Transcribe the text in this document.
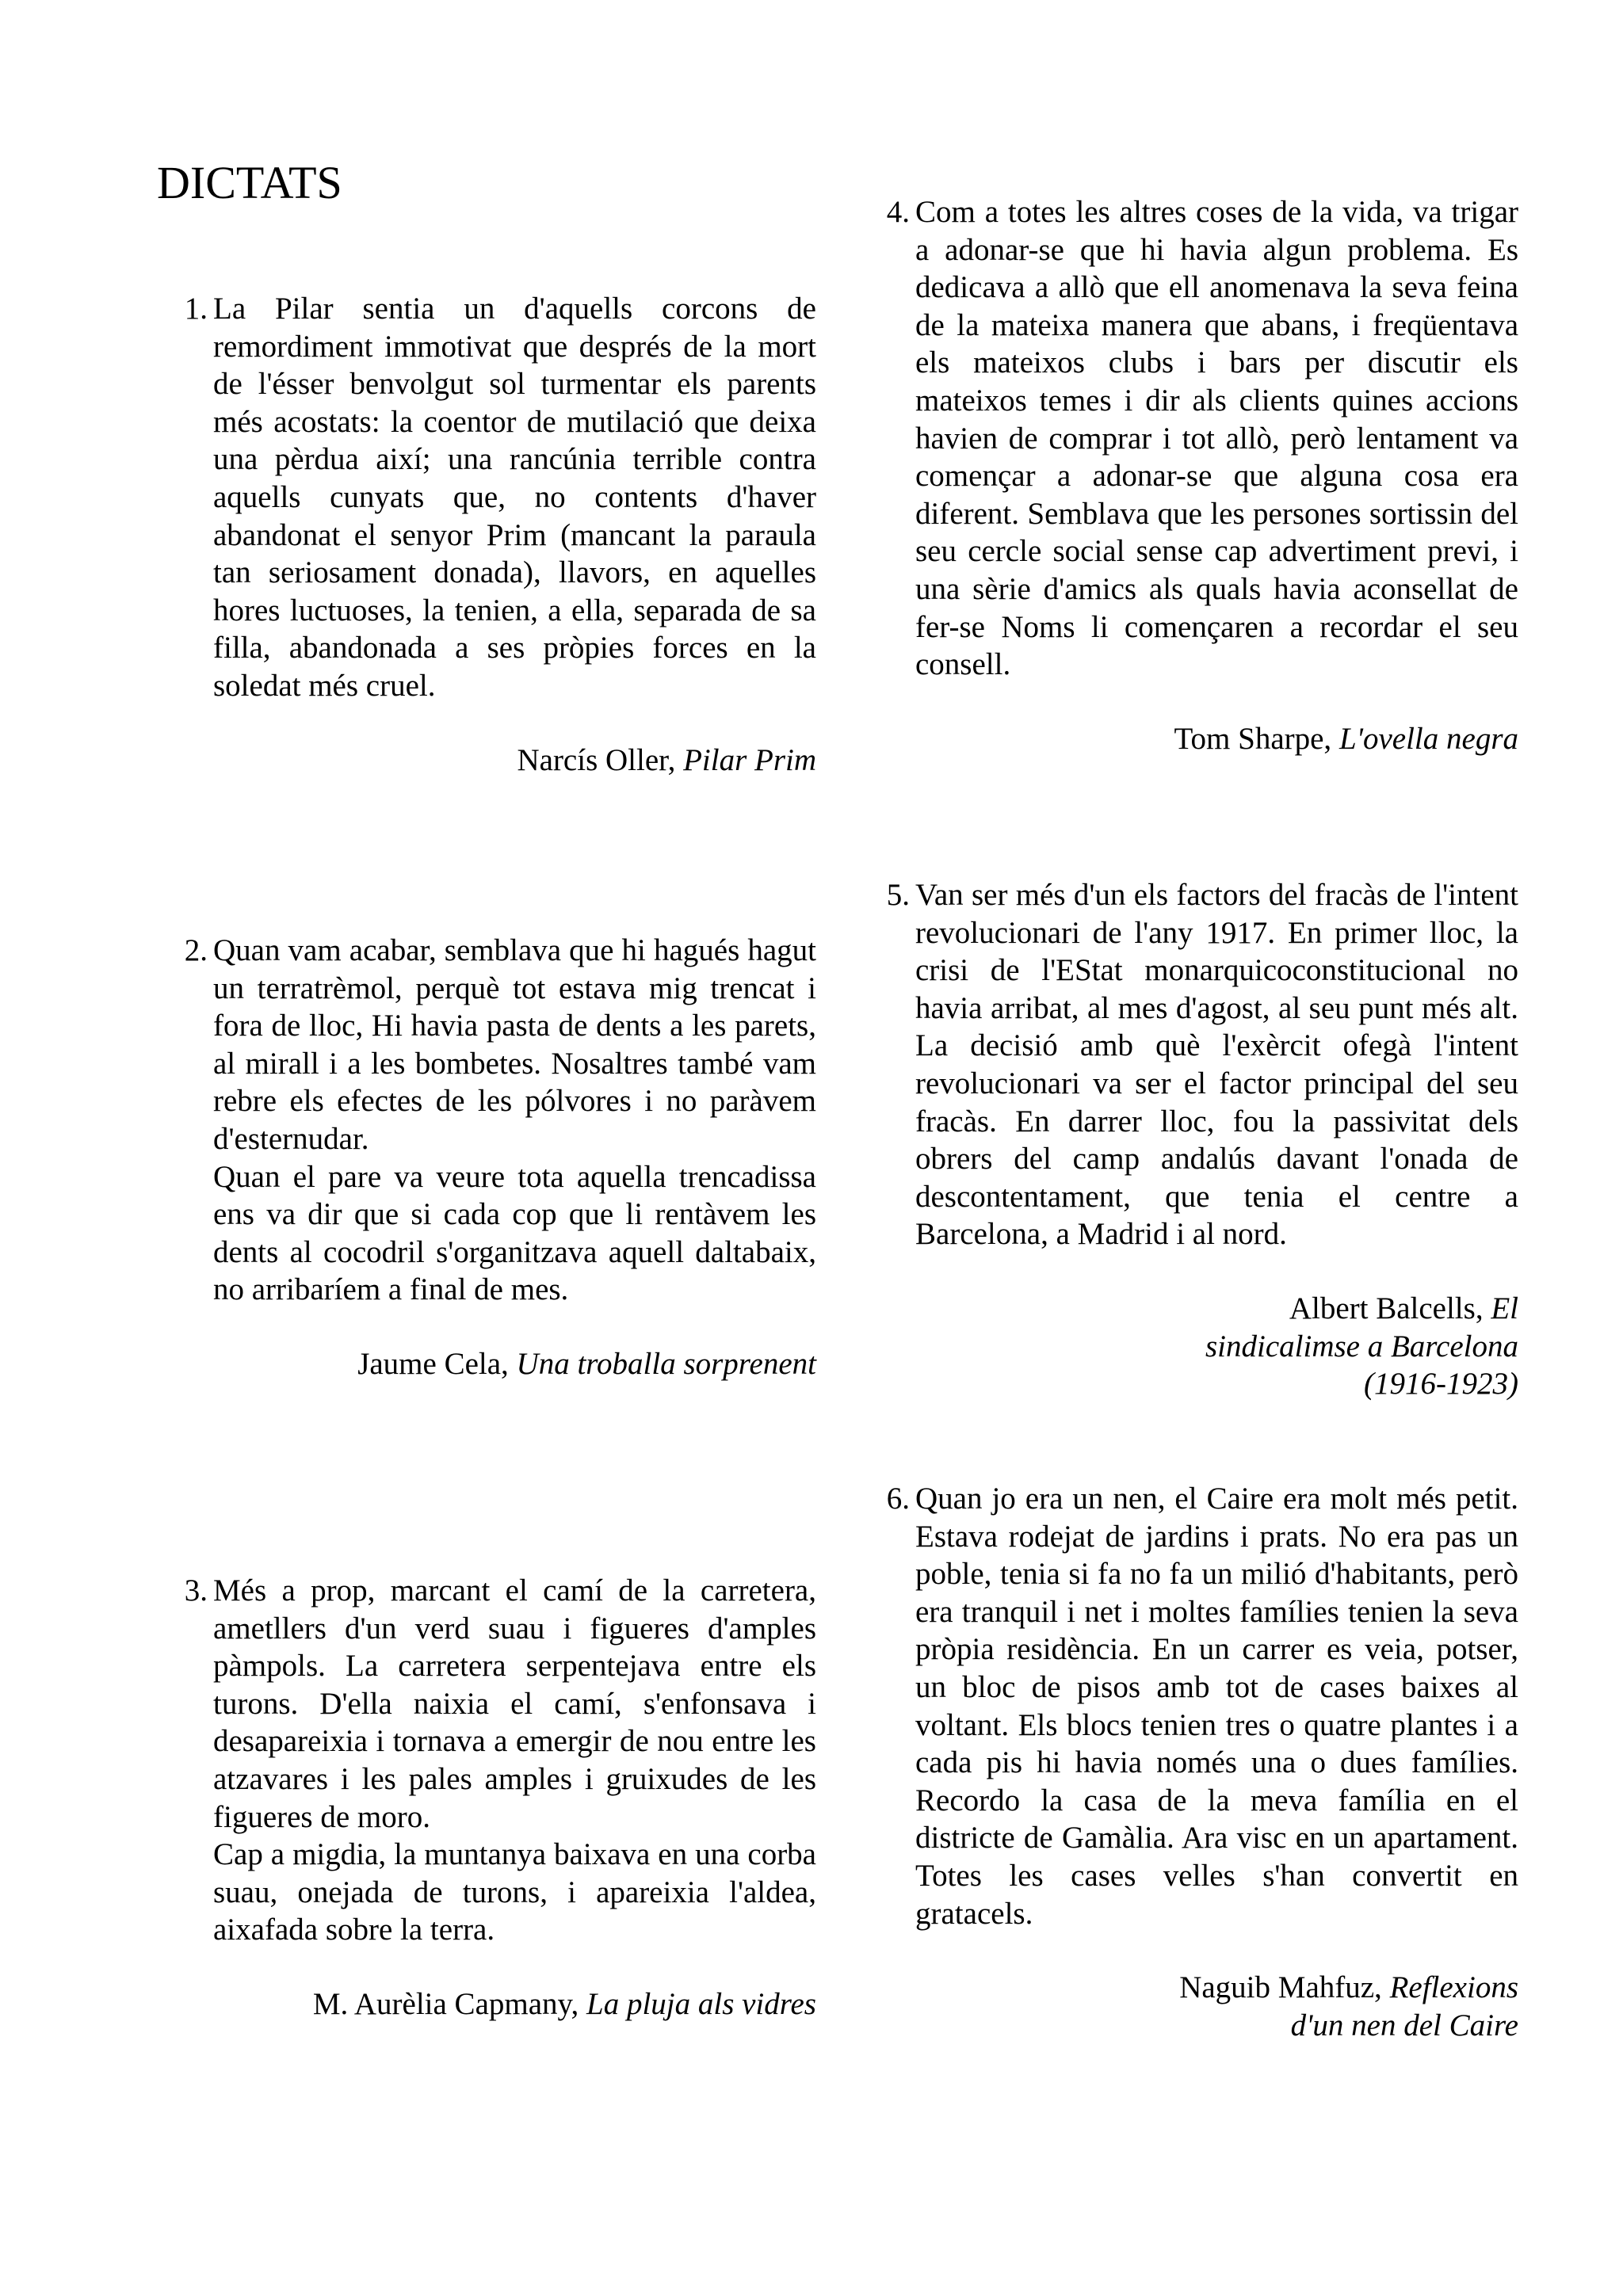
DICTATS
1. La Pilar sentia un d'aquells corcons de remordiment immotivat que després de la mort de l'ésser benvolgut sol turmentar els parents més acostats: la coentor de mutilació que deixa una pèrdua així; una rancúnia terrible contra aquells cunyats que, no contents d'haver abandonat el senyor Prim (mancant la paraula tan seriosament donada), llavors, en aquelles hores luctuoses, la tenien, a ella, separada de sa filla, abandonada a ses pròpies forces en la soledat més cruel.

Narcís Oller, Pilar Prim
2. Quan vam acabar, semblava que hi hagués hagut un terratrèmol, perquè tot estava mig trencat i fora de lloc, Hi havia pasta de dents a les parets, al mirall i a les bombetes. Nosaltres també vam rebre els efectes de les pólvores i no paràvem d'esternudar.

Quan el pare va veure tota aquella trencadissa ens va dir que si cada cop que li rentàvem les dents al cocodril s'organitzava aquell daltabaix, no arribaríem a final de mes.

Jaume Cela, Una troballa sorprenent
3. Més a prop, marcant el camí de la carretera, ametllers d'un verd suau i figueres d'amples pàmpols. La carretera serpentejava entre els turons. D'ella naixia el camí, s'enfonsava i desapareixia i tornava a emergir de nou entre les atzavares i les pales amples i gruixudes de les figueres de moro.

Cap a migdia, la muntanya baixava en una corba suau, onejada de turons, i apareixia l'aldea, aixafada sobre la terra.

M. Aurèlia Capmany, La pluja als vidres
4. Com a totes les altres coses de la vida, va trigar a adonar-se que hi havia algun problema. Es dedicava a allò que ell anomenava la seva feina de la mateixa manera que abans, i freqüentava els mateixos clubs i bars per discutir els mateixos temes i dir als clients quines accions havien de comprar i tot allò, però lentament va començar a adonar-se que alguna cosa era diferent. Semblava que les persones sortissin del seu cercle social sense cap advertiment previ, i una sèrie d'amics als quals havia aconsellat de fer-se Noms li començaren a recordar el seu consell.

Tom Sharpe, L'ovella negra
5. Van ser més d'un els factors del fracàs de l'intent revolucionari de l'any 1917. En primer lloc, la crisi de l'EStat monarquicoconstitucional no havia arribat, al mes d'agost, al seu punt més alt. La decisió amb què l'exèrcit ofegà l'intent revolucionari va ser el factor principal del seu fracàs. En darrer lloc, fou la passivitat dels obrers del camp andalús davant l'onada de descontentament, que tenia el centre a Barcelona, a Madrid i al nord.

Albert Balcells, El sindicalimse a Barcelona (1916-1923)
6. Quan jo era un nen, el Caire era molt més petit. Estava rodejat de jardins i prats. No era pas un poble, tenia si fa no fa un milió d'habitants, però era tranquil i net i moltes famílies tenien la seva pròpia residència. En un carrer es veia, potser, un bloc de pisos amb tot de cases baixes al voltant. Els blocs tenien tres o quatre plantes i a cada pis hi havia només una o dues famílies. Recordo la casa de la meva família en el districte de Gamàlia. Ara visc en un apartament. Totes les cases velles s'han convertit en gratacels.

Naguib Mahfuz, Reflexions d'un nen del Caire
